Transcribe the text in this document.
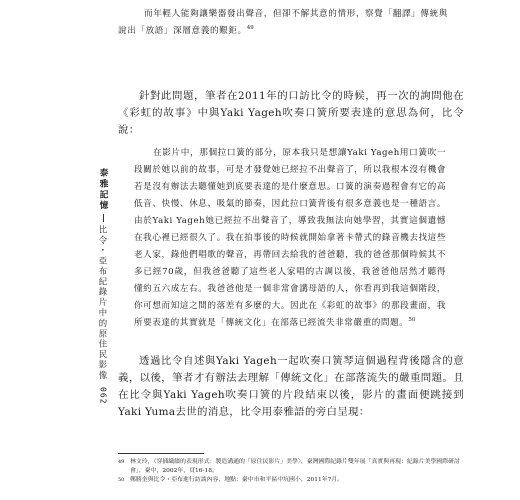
而年輕人能夠讓樂器發出聲音，但卻不解其意的情形，察覺「翻譯」傳統與說出「放語」深層意義的艱鉅。$^{49}$

針對此問題，筆者在2011年的口訪比令的時候，再一次的詢問他在《彩虹的故事》中與Yaki Yageh吹奏口簧所要表達的意思為何，比令說：

在影片中，那個拉口簧的部分，原本我只是想讓Yaki Yageh用口簧吹一段關於她以前的故事，可是才發覺她已經拉不出聲音了，所以我根本沒有機會若是沒有辦法去聽懂她到底要表達的是什麼意思。口簧的演奏過程會有它的高低音、快慢、休息、吸氣的節奏，因此拉口簧背後有很多意義也是一種語言。由於Yaki Yageh她已經拉不出聲音了，導致我無法向她學習，其實這個遺憾在我心裡已經很久了。我在拍事後的時候就開始拿著卡帶式的錄音機去找這些老人家，錄他們唱歌的聲音，再帶回去給我的爸爸聽，我的爸爸那個時候其不多已經70歲，但我爸爸聽了這些老人家唱的古調以後，我爸爸他居然才聽得懂約五六成左右。我爸爸他是一個非常會講母語的人，你看再到我這個階段，你可想而知這之間的落差有多麼的大。因此在《彩虹的故事》的那段畫面，我所要表達的其實就是「傳統文化」在部落已經流失非常嚴重的問題。$^{50}$

透過比令自述與Yaki Yageh一起吹奏口簧琴這個過程背後隱含的意義，以後，筆者才有辦法去理解「傳統文化」在部落流失的嚴重問題。且在比令與Yaki Yageh吹奏口簧的片段結束以後，影片的畫面便跳接到Yaki Yuma去世的消息，比令用泰雅語的旁白呈現：

泰雅記憶
比令・亞布紀錄片中的原住民影像
062

49 林文玲，〈穿插織綴的表現形式：製造溝通的「原住民影片」美學〉，臺灣國際紀錄片雙年展「真實與再現：紀錄片美學國際研討會」，臺中，2002年，頁16-18。

50 鄭勝奎與比令・亞布進行訪談內容，地點：臺中市和平區中坑國小，2011年7月。
